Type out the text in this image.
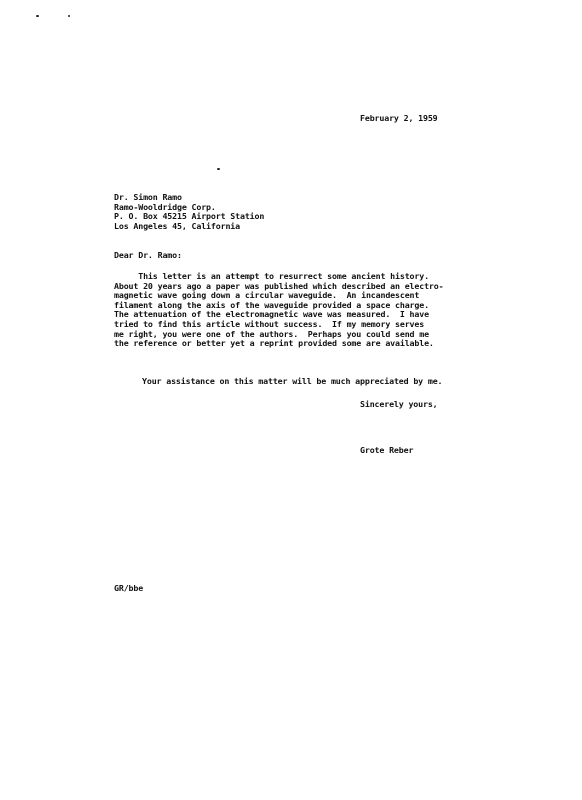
February 2, 1959
Dr. Simon Ramo
Ramo-Wooldridge Corp.
P. O. Box 45215 Airport Station
Los Angeles 45, California
Dear Dr. Ramo:
This letter is an attempt to resurrect some ancient history.
About 20 years ago a paper was published which described an electro-
magnetic wave going down a circular waveguide.  An incandescent
filament along the axis of the waveguide provided a space charge.
The attenuation of the electromagnetic wave was measured.  I have
tried to find this article without success.  If my memory serves
me right, you were one of the authors.  Perhaps you could send me
the reference or better yet a reprint provided some are available.
Your assistance on this matter will be much appreciated by me.
Sincerely yours,
Grote Reber
GR/bbe
